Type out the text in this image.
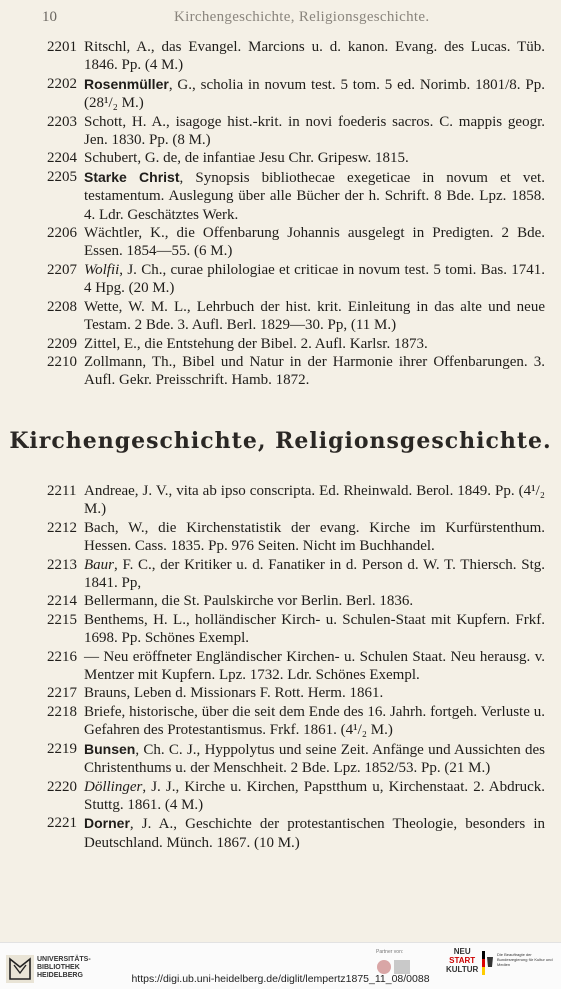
10	Kirchengeschichte, Religionsgeschichte.
2201 Ritschl, A., das Evangel. Marcions u. d. kanon. Evang. des Lucas. Tüb. 1846. Pp. (4 M.)
2202 Rosenmüller, G., scholia in novum test. 5 tom. 5 ed. Norimb. 1801/8. Pp. (28¹/₂ M.)
2203 Schott, H. A., isagoge hist.-krit. in novi foederis sacros. C. mappis geogr. Jen. 1830. Pp. (8 M.)
2204 Schubert, G. de, de infantiae Jesu Chr. Gripesw. 1815.
2205 Starke Christ, Synopsis bibliothecae exegeticae in novum et vet. testamentum. Auslegung über alle Bücher der h. Schrift. 8 Bde. Lpz. 1858. 4. Ldr. Geschätztes Werk.
2206 Wächtler, K., die Offenbarung Johannis ausgelegt in Predigten. 2 Bde. Essen. 1854—55. (6 M.)
2207 Wolfii, J. Ch., curae philologiae et criticae in novum test. 5 tomi. Bas. 1741. 4 Hpg. (20 M.)
2208 Wette, W. M. L., Lehrbuch der hist. krit. Einleitung in das alte und neue Testam. 2 Bde. 3. Aufl. Berl. 1829—30. Pp, (11 M.)
2209 Zittel, E., die Entstehung der Bibel. 2. Aufl. Karlsr. 1873.
2210 Zollmann, Th., Bibel und Natur in der Harmonie ihrer Offenbarungen. 3. Aufl. Gekr. Preisschrift. Hamb. 1872.
Kirchengeschichte, Religionsgeschichte.
2211 Andreae, J. V., vita ab ipso conscripta. Ed. Rheinwald. Berol. 1849. Pp. (4¹/₂ M.)
2212 Bach, W., die Kirchenstatistik der evang. Kirche im Kurfürstenthum. Hessen. Cass. 1835. Pp. 976 Seiten. Nicht im Buchhandel.
2213 Baur, F. C., der Kritiker u. d. Fanatiker in d. Person d. W. T. Thiersch. Stg. 1841. Pp,
2214 Bellermann, die St. Paulskirche vor Berlin. Berl. 1836.
2215 Benthems, H. L., holländischer Kirch- u. Schulen-Staat mit Kupfern. Frkf. 1698. Pp. Schönes Exempl.
2216 — Neu eröffneter Engländischer Kirchen- u. Schulen Staat. Neu herausg. v. Mentzer mit Kupfern. Lpz. 1732. Ldr. Schönes Exempl.
2217 Brauns, Leben d. Missionars F. Rott. Herm. 1861.
2218 Briefe, historische, über die seit dem Ende des 16. Jahrh. fortgeh. Verluste u. Gefahren des Protestantismus. Frkf. 1861. (4¹/₂ M.)
2219 Bunsen, Ch. C. J., Hyppolytus und seine Zeit. Anfänge und Aussichten des Christenthums u. der Menschheit. 2 Bde. Lpz. 1852/53. Pp. (21 M.)
2220 Döllinger, J. J., Kirche u. Kirchen, Papstthum u, Kirchenstaat. 2. Abdruck. Stuttg. 1861. (4 M.)
2221 Dorner, J. A., Geschichte der protestantischen Theologie, besonders in Deutschland. Münch. 1867. (10 M.)
UNIVERSITÄTS-
BIBLIOTHEK
HEIDELBERG
Partner von:	NEU
START
KULTUR
Die Beauftragte der Bundesregierung für Kultur und Medien
https://digi.ub.uni-heidelberg.de/diglit/lempertz1875_11_08/0088
